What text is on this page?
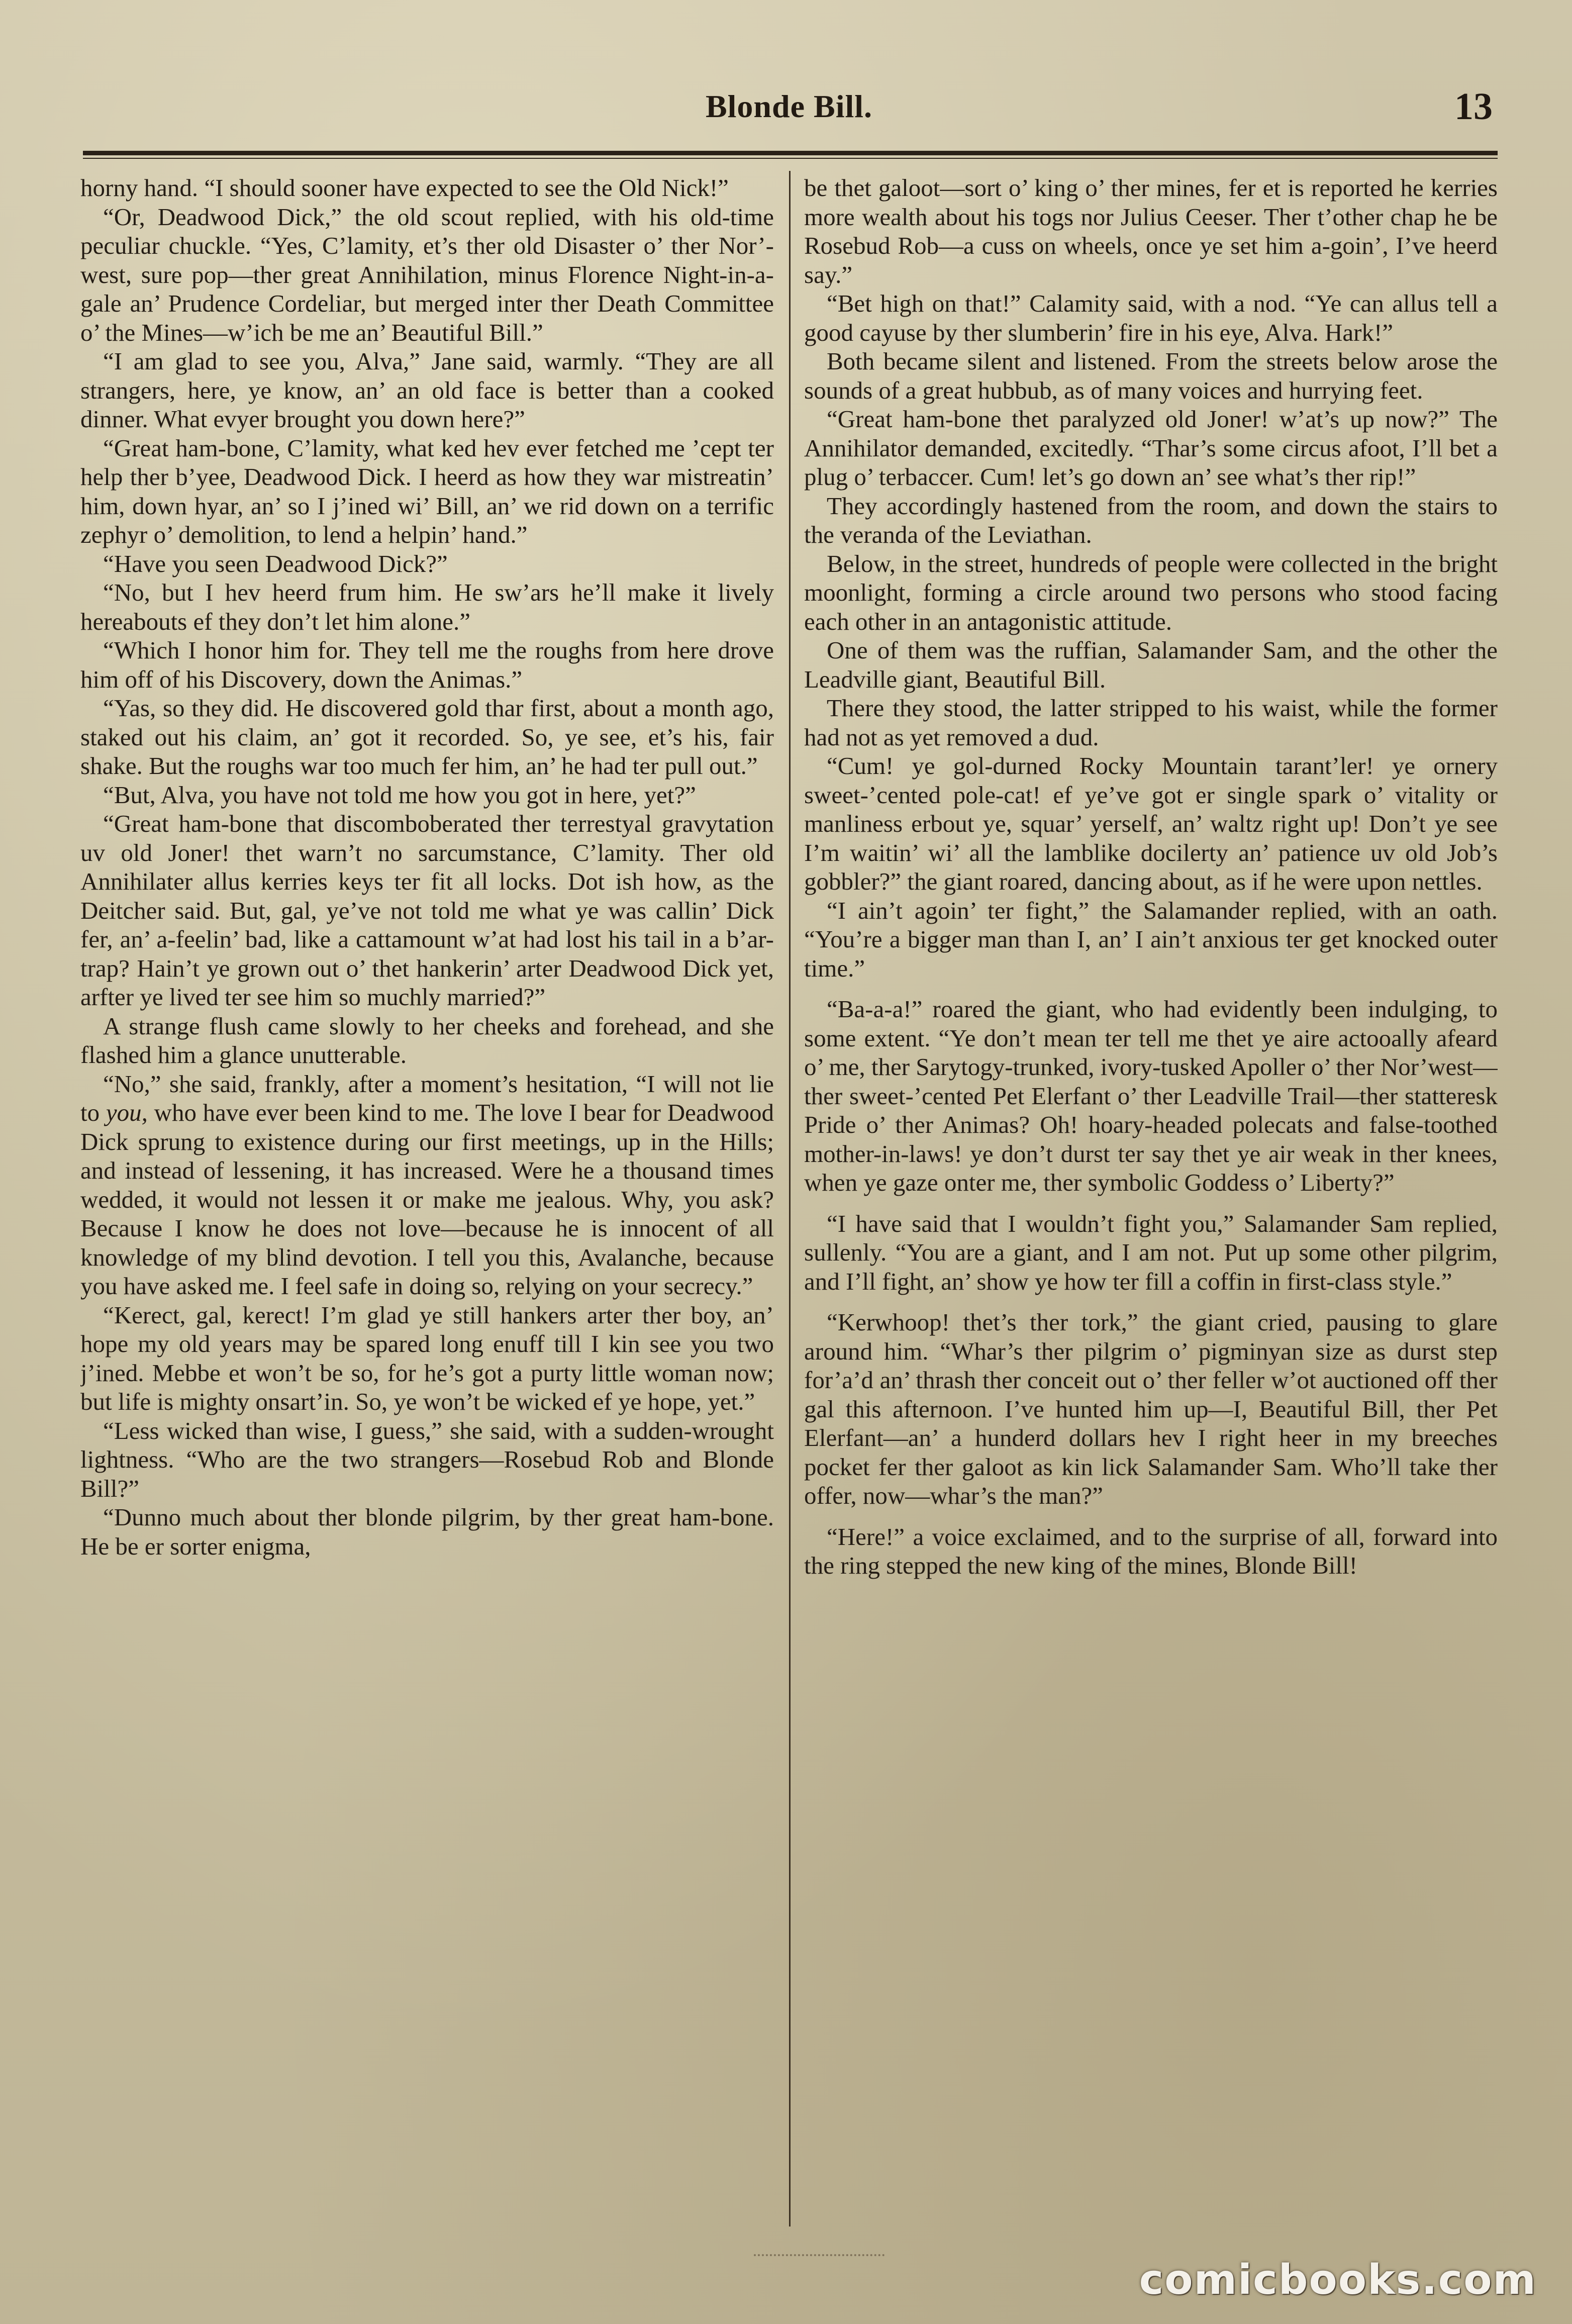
Blonde Bill.	13

horny hand. “I should sooner have expected to see the Old Nick!”

“Or, Deadwood Dick,” the old scout replied, with his old-time peculiar chuckle. “Yes, C’lamity, et’s ther old Disaster o’ ther Nor’-west, sure pop—ther great Annihilation, minus Florence Night-in-a-gale an’ Prudence Cordeliar, but merged inter ther Death Committee o’ the Mines—w’ich be me an’ Beautiful Bill.”

“I am glad to see you, Alva,” Jane said, warmly. “They are all strangers, here, ye know, an’ an old face is better than a cooked dinner. What evyer brought you down here?”

“Great ham-bone, C’lamity, what ked hev ever fetched me ’cept ter help ther b’yee, Deadwood Dick. I heerd as how they war mistreatin’ him, down hyar, an’ so I j’ined wi’ Bill, an’ we rid down on a terrific zephyr o’ demolition, to lend a helpin’ hand.”

“Have you seen Deadwood Dick?”

“No, but I hev heerd frum him. He sw’ars he’ll make it lively hereabouts ef they don’t let him alone.”

“Which I honor him for. They tell me the roughs from here drove him off of his Discovery, down the Animas.”

“Yas, so they did. He discovered gold thar first, about a month ago, staked out his claim, an’ got it recorded. So, ye see, et’s his, fair shake. But the roughs war too much fer him, an’ he had ter pull out.”

“But, Alva, you have not told me how you got in here, yet?”

“Great ham-bone that discomboberated ther terrestyal gravytation uv old Joner! thet warn’t no sarcumstance, C’lamity. Ther old Annihilater allus kerries keys ter fit all locks. Dot ish how, as the Deitcher said. But, gal, ye’ve not told me what ye was callin’ Dick fer, an’ a-feelin’ bad, like a cattamount w’at had lost his tail in a b’ar-trap? Hain’t ye grown out o’ thet hankerin’ arter Deadwood Dick yet, arfter ye lived ter see him so muchly married?”

A strange flush came slowly to her cheeks and forehead, and she flashed him a glance unutterable.

“No,” she said, frankly, after a moment’s hesitation, “I will not lie to you, who have ever been kind to me. The love I bear for Deadwood Dick sprung to existence during our first meetings, up in the Hills; and instead of lessening, it has increased. Were he a thousand times wedded, it would not lessen it or make me jealous. Why, you ask? Because I know he does not love—because he is innocent of all knowledge of my blind devotion. I tell you this, Avalanche, because you have asked me. I feel safe in doing so, relying on your secrecy.”

“Kerect, gal, kerect! I’m glad ye still hankers arter ther boy, an’ hope my old years may be spared long enuff till I kin see you two j’ined. Mebbe et won’t be so, for he’s got a purty little woman now; but life is mighty onsart’in. So, ye won’t be wicked ef ye hope, yet.”

“Less wicked than wise, I guess,” she said, with a sudden-wrought lightness. “Who are the two strangers—Rosebud Rob and Blonde Bill?”

“Dunno much about ther blonde pilgrim, by ther great ham-bone. He be er sorter enigma,

be thet galoot—sort o’ king o’ ther mines, fer et is reported he kerries more wealth about his togs nor Julius Ceeser. Ther t’other chap he be Rosebud Rob—a cuss on wheels, once ye set him a-goin’, I’ve heerd say.”

“Bet high on that!” Calamity said, with a nod. “Ye can allus tell a good cayuse by ther slumberin’ fire in his eye, Alva. Hark!”

Both became silent and listened. From the streets below arose the sounds of a great hubbub, as of many voices and hurrying feet.

“Great ham-bone thet paralyzed old Joner! w’at’s up now?” The Annihilator demanded, excitedly. “Thar’s some circus afoot, I’ll bet a plug o’ terbaccer. Cum! let’s go down an’ see what’s ther rip!”

They accordingly hastened from the room, and down the stairs to the veranda of the Leviathan.

Below, in the street, hundreds of people were collected in the bright moonlight, forming a circle around two persons who stood facing each other in an antagonistic attitude.

One of them was the ruffian, Salamander Sam, and the other the Leadville giant, Beautiful Bill.

There they stood, the latter stripped to his waist, while the former had not as yet removed a dud.

“Cum! ye gol-durned Rocky Mountain tarant’ler! ye ornery sweet-’cented pole-cat! ef ye’ve got er single spark o’ vitality or manliness erbout ye, squar’ yerself, an’ waltz right up! Don’t ye see I’m waitin’ wi’ all the lamblike docilerty an’ patience uv old Job’s gobbler?” the giant roared, dancing about, as if he were upon nettles.

“I ain’t agoin’ ter fight,” the Salamander replied, with an oath. “You’re a bigger man than I, an’ I ain’t anxious ter get knocked outer time.”

“Ba-a-a!” roared the giant, who had evidently been indulging, to some extent. “Ye don’t mean ter tell me thet ye aire actooally afeard o’ me, ther Sarytogy-trunked, ivory-tusked Apoller o’ ther Nor’west—ther sweet-’cented Pet Elerfant o’ ther Leadville Trail—ther statteresk Pride o’ ther Animas? Oh! hoary-headed polecats and false-toothed mother-in-laws! ye don’t durst ter say thet ye air weak in ther knees, when ye gaze onter me, ther symbolic Goddess o’ Liberty?”

“I have said that I wouldn’t fight you,” Salamander Sam replied, sullenly. “You are a giant, and I am not. Put up some other pilgrim, and I’ll fight, an’ show ye how ter fill a coffin in first-class style.”

“Kerwhoop! thet’s ther tork,” the giant cried, pausing to glare around him. “Whar’s ther pilgrim o’ pigminyan size as durst step for’a’d an’ thrash ther conceit out o’ ther feller w’ot auctioned off ther gal this afternoon. I’ve hunted him up—I, Beautiful Bill, ther Pet Elerfant—an’ a hunderd dollars hev I right heer in my breeches pocket fer ther galoot as kin lick Salamander Sam. Who’ll take ther offer, now—whar’s the man?”

“Here!” a voice exclaimed, and to the surprise of all, forward into the ring stepped the new king of the mines, Blonde Bill!

comicbooks.com
